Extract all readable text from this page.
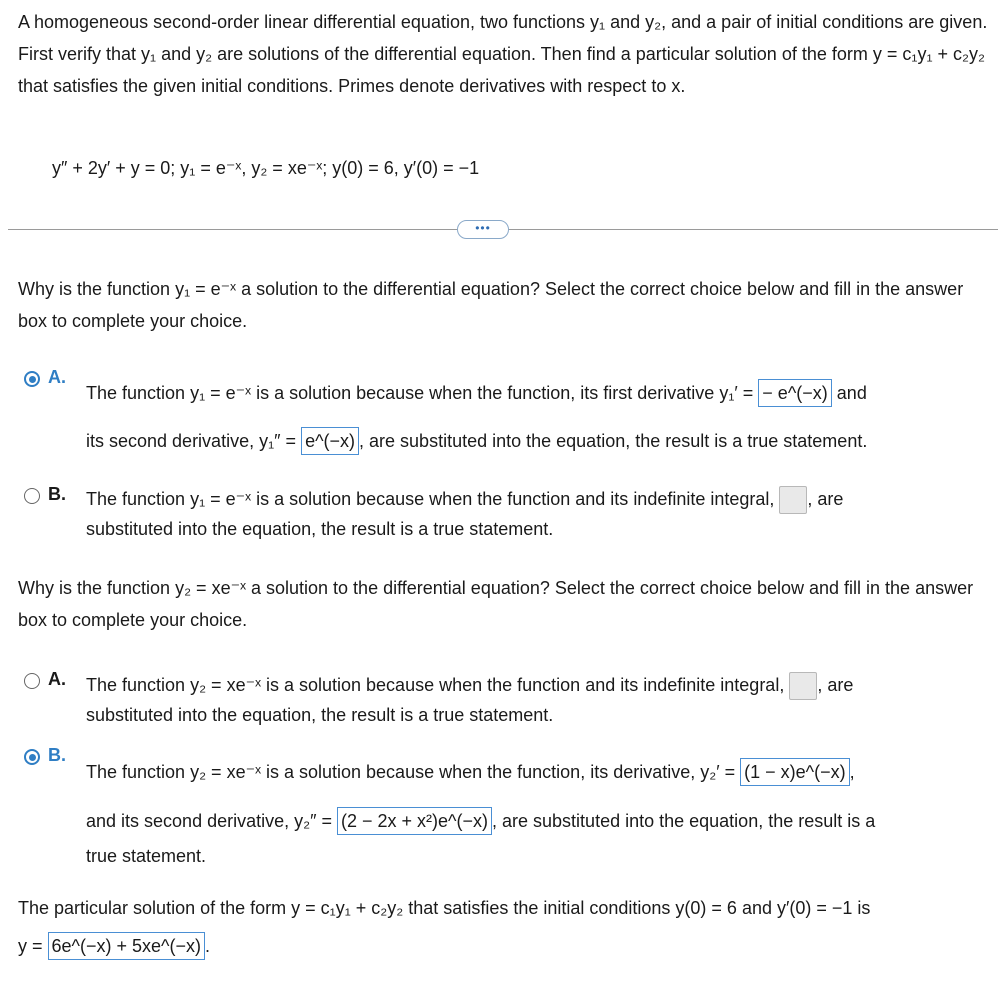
A homogeneous second-order linear differential equation, two functions y₁ and y₂, and a pair of initial conditions are given. First verify that y₁ and y₂ are solutions of the differential equation. Then find a particular solution of the form y = c₁y₁ + c₂y₂ that satisfies the given initial conditions. Primes denote derivatives with respect to x.
y″ + 2y′ + y = 0; y₁ = e⁻ˣ, y₂ = xe⁻ˣ; y(0) = 6, y′(0) = −1
•••
Why is the function y₁ = e⁻ˣ a solution to the differential equation? Select the correct choice below and fill in the answer box to complete your choice.
A.
The function y₁ = e⁻ˣ is a solution because when the function, its first derivative y₁′ = − e^(−x) and
its second derivative, y₁″ = e^(−x) , are substituted into the equation, the result is a true statement.
B. The function y₁ = e⁻ˣ is a solution because when the function and its indefinite integral, , are
substituted into the equation, the result is a true statement.
Why is the function y₂ = xe⁻ˣ a solution to the differential equation? Select the correct choice below and fill in the answer box to complete your choice.
A. The function y₂ = xe⁻ˣ is a solution because when the function and its indefinite integral, , are
substituted into the equation, the result is a true statement.
B.
The function y₂ = xe⁻ˣ is a solution because when the function, its derivative, y₂′ = (1 − x)e^(−x) ,
and its second derivative, y₂″ = (2 − 2x + x²)e^(−x) , are substituted into the equation, the result is a
true statement.
The particular solution of the form y = c₁y₁ + c₂y₂ that satisfies the initial conditions y(0) = 6 and y′(0) = −1 is
y = 6e^(−x) + 5xe^(−x) .
